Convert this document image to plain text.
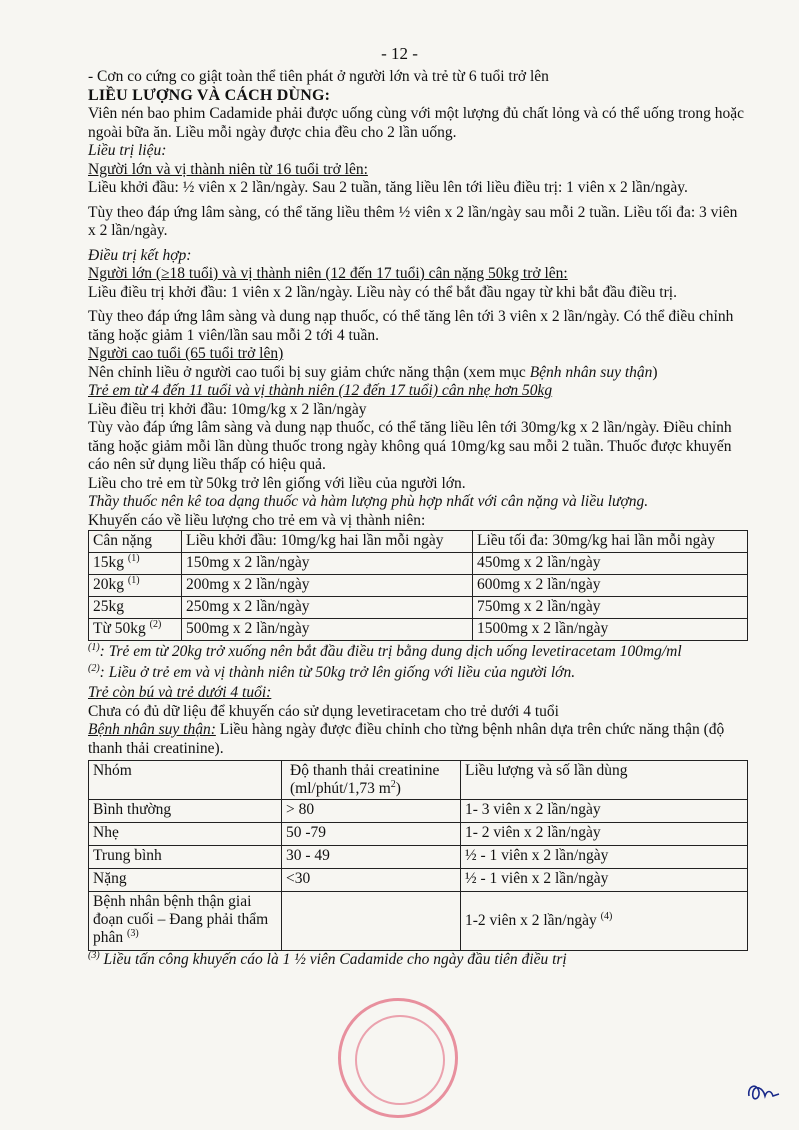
- 12 -

- Cơn co cứng co giật toàn thể tiên phát ở người lớn và trẻ từ 6 tuổi trở lên

LIỀU LƯỢNG VÀ CÁCH DÙNG:

Viên nén bao phim Cadamide phải được uống cùng với một lượng đủ chất lỏng và có thể uống trong hoặc ngoài bữa ăn. Liều mỗi ngày được chia đều cho 2 lần uống.

Liều trị liệu:

Người lớn và vị thành niên từ 16 tuổi trở lên:

Liều khởi đầu: ½ viên x 2 lần/ngày. Sau 2 tuần, tăng liều lên tới liều điều trị: 1 viên x 2 lần/ngày.

Tùy theo đáp ứng lâm sàng, có thể tăng liều thêm ½ viên x 2 lần/ngày sau mỗi 2 tuần. Liều tối đa: 3 viên x 2 lần/ngày.

Điều trị kết hợp:

Người lớn (≥18 tuổi) và vị thành niên (12 đến 17 tuổi) cân nặng 50kg trở lên:

Liều điều trị khởi đầu: 1 viên x 2 lần/ngày. Liều này có thể bắt đầu ngay từ khi bắt đầu điều trị.

Tùy theo đáp ứng lâm sàng và dung nạp thuốc, có thể tăng lên tới 3 viên x 2 lần/ngày. Có thể điều chỉnh tăng hoặc giảm 1 viên/lần sau mỗi 2 tới 4 tuần.

Người cao tuổi (65 tuổi trở lên)

Nên chỉnh liều ở người cao tuổi bị suy giảm chức năng thận (xem mục Bệnh nhân suy thận)

Trẻ em từ 4 đến 11 tuổi và vị thành niên (12 đến 17 tuổi) cân nhẹ hơn 50kg

Liều điều trị khởi đầu: 10mg/kg x 2 lần/ngày

Tùy vào đáp ứng lâm sàng và dung nạp thuốc, có thể tăng liều lên tới 30mg/kg x 2 lần/ngày. Điều chỉnh tăng hoặc giảm mỗi lần dùng thuốc trong ngày không quá 10mg/kg sau mỗi 2 tuần. Thuốc được khuyến cáo nên sử dụng liều thấp có hiệu quả.

Liều cho trẻ em từ 50kg trở lên giống với liều của người lớn.

Thầy thuốc nên kê toa dạng thuốc và hàm lượng phù hợp nhất với cân nặng và liều lượng.

Khuyến cáo về liều lượng cho trẻ em và vị thành niên:

Cân nặng	Liều khởi đầu: 10mg/kg hai lần mỗi ngày	Liều tối đa: 30mg/kg hai lần mỗi ngày
15kg $^{(1)}$	150mg x 2 lần/ngày	450mg x 2 lần/ngày
20kg $^{(1)}$	200mg x 2 lần/ngày	600mg x 2 lần/ngày
25kg	250mg x 2 lần/ngày	750mg x 2 lần/ngày
Từ 50kg $^{(2)}$	500mg x 2 lần/ngày	1500mg x 2 lần/ngày

$^{(1)}$: Trẻ em từ 20kg trở xuống nên bắt đầu điều trị bằng dung dịch uống levetiracetam 100mg/ml

$^{(2)}$: Liều ở trẻ em và vị thành niên từ 50kg trở lên giống với liều của người lớn.

Trẻ còn bú và trẻ dưới 4 tuổi:

Chưa có đủ dữ liệu để khuyến cáo sử dụng levetiracetam cho trẻ dưới 4 tuổi

Bệnh nhân suy thận: Liều hàng ngày được điều chỉnh cho từng bệnh nhân dựa trên chức năng thận (độ thanh thải creatinine).

Nhóm	Độ thanh thải creatinine (ml/phút/1,73 $m^2$)	Liều lượng và số lần dùng
Bình thường	> 80	1- 3 viên x 2 lần/ngày
Nhẹ	50 -79	1- 2 viên x 2 lần/ngày
Trung bình	30 - 49	½ - 1 viên x 2 lần/ngày
Nặng	<30	½ - 1 viên x 2 lần/ngày
Bệnh nhân bệnh thận giai đoạn cuối – Đang phải thẩm phân $^{(3)}$		1-2 viên x 2 lần/ngày $^{(4)}$

$^{(3)}$ Liều tấn công khuyến cáo là 1 ½ viên Cadamide cho ngày đầu tiên điều trị
